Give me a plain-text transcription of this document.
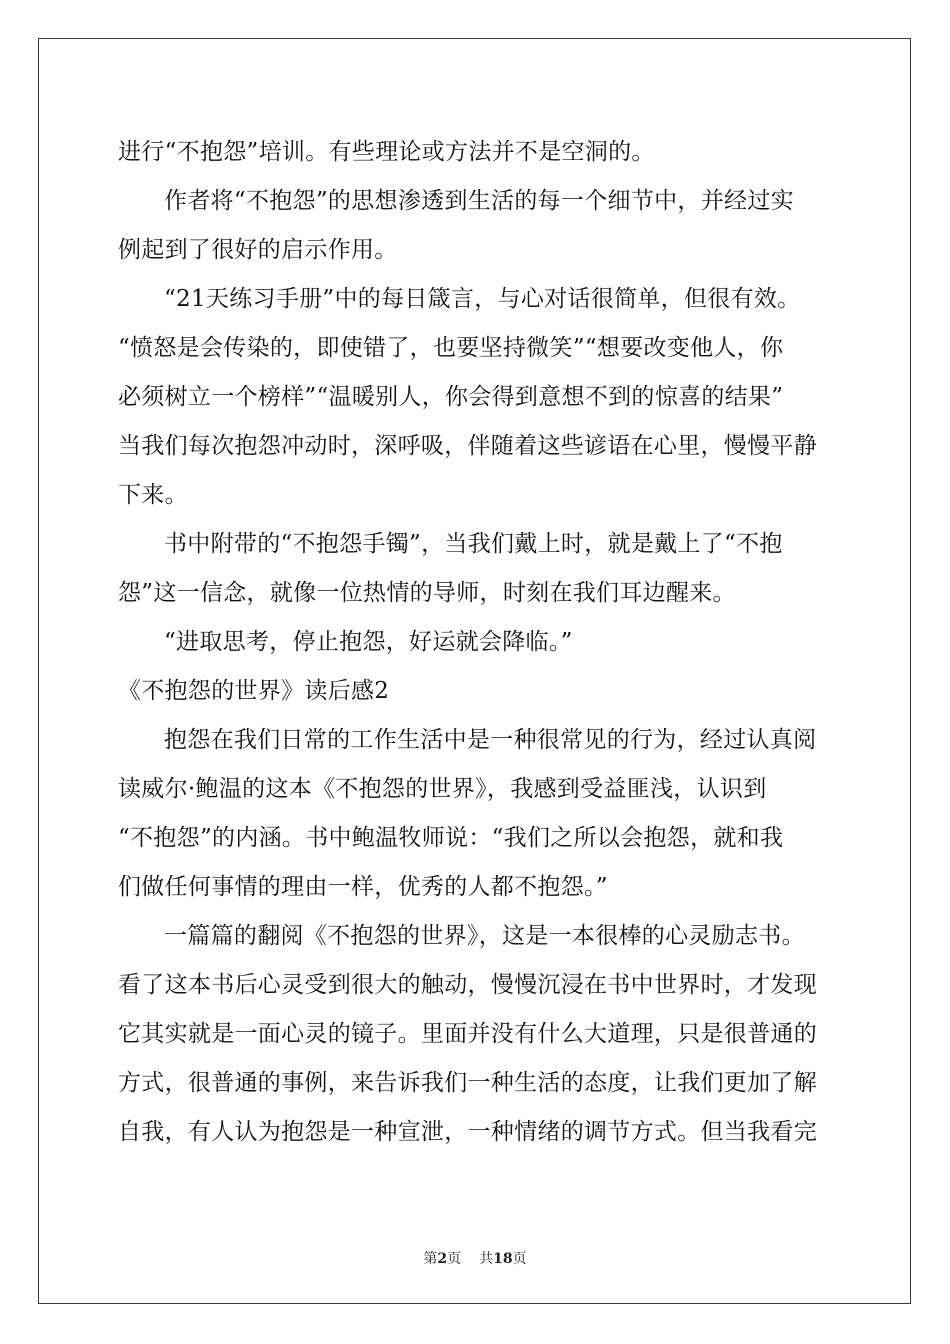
进行“不抱怨”培训。有些理论或方法并不是空洞的。
作者将“不抱怨”的思想渗透到生活的每一个细节中，并经过实
例起到了很好的启示作用。
“21天练习手册”中的每日箴言，与心对话很简单，但很有效。
“愤怒是会传染的，即使错了，也要坚持微笑”“想要改变他人，你
必须树立一个榜样”“温暖别人，你会得到意想不到的惊喜的结果”
当我们每次抱怨冲动时，深呼吸，伴随着这些谚语在心里，慢慢平静
下来。
书中附带的“不抱怨手镯”，当我们戴上时，就是戴上了“不抱
怨”这一信念，就像一位热情的导师，时刻在我们耳边醒来。
“进取思考，停止抱怨，好运就会降临。”
《不抱怨的世界》读后感2
抱怨在我们日常的工作生活中是一种很常见的行为，经过认真阅
读威尔·鲍温的这本《不抱怨的世界》，我感到受益匪浅，认识到
“不抱怨”的内涵。书中鲍温牧师说：“我们之所以会抱怨，就和我
们做任何事情的理由一样，优秀的人都不抱怨。”
一篇篇的翻阅《不抱怨的世界》，这是一本很棒的心灵励志书。
看了这本书后心灵受到很大的触动，慢慢沉浸在书中世界时，才发现
它其实就是一面心灵的镜子。里面并没有什么大道理，只是很普通的
方式，很普通的事例，来告诉我们一种生活的态度，让我们更加了解
自我，有人认为抱怨是一种宣泄，一种情绪的调节方式。但当我看完
第2页 共18页
